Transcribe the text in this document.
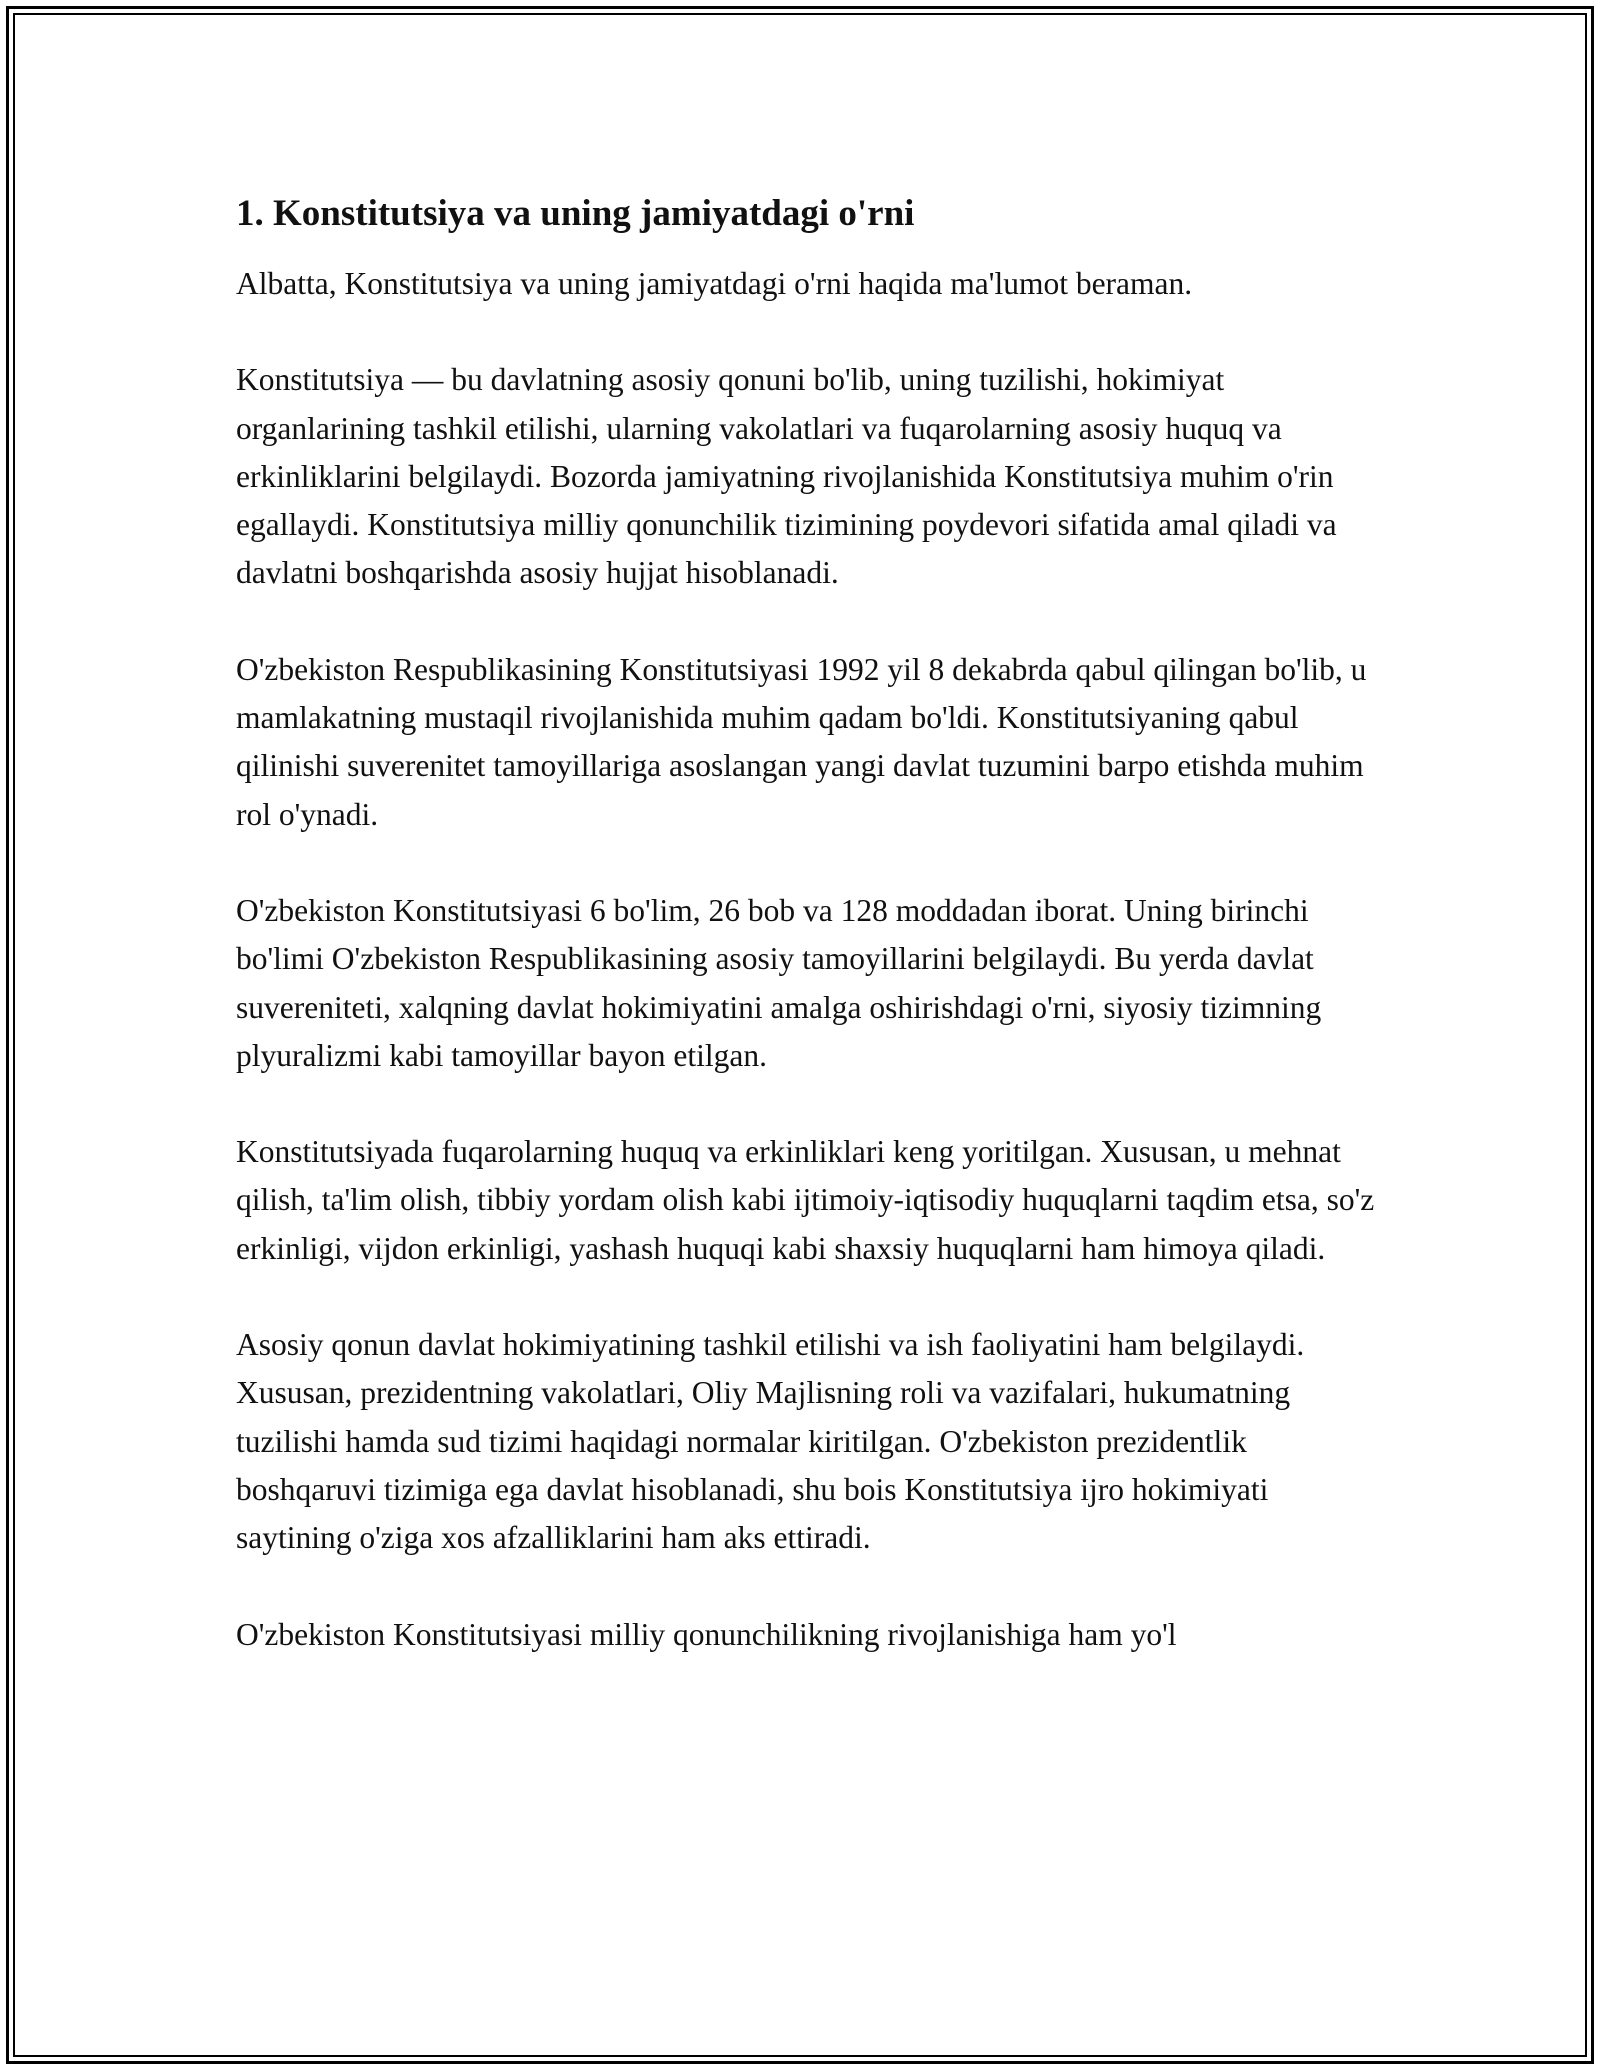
1. Konstitutsiya va uning jamiyatdagi o'rni

Albatta, Konstitutsiya va uning jamiyatdagi o'rni haqida ma'lumot beraman.

Konstitutsiya — bu davlatning asosiy qonuni bo'lib, uning tuzilishi, hokimiyat organlarining tashkil etilishi, ularning vakolatlari va fuqarolarning asosiy huquq va erkinliklarini belgilaydi. Bozorda jamiyatning rivojlanishida Konstitutsiya muhim o'rin egallaydi. Konstitutsiya milliy qonunchilik tizimining poydevori sifatida amal qiladi va davlatni boshqarishda asosiy hujjat hisoblanadi.

O'zbekiston Respublikasining Konstitutsiyasi 1992 yil 8 dekabrda qabul qilingan bo'lib, u mamlakatning mustaqil rivojlanishida muhim qadam bo'ldi. Konstitutsiyaning qabul qilinishi suverenitet tamoyillariga asoslangan yangi davlat tuzumini barpo etishda muhim rol o'ynadi.

O'zbekiston Konstitutsiyasi 6 bo'lim, 26 bob va 128 moddadan iborat. Uning birinchi bo'limi O'zbekiston Respublikasining asosiy tamoyillarini belgilaydi. Bu yerda davlat suvereniteti, xalqning davlat hokimiyatini amalga oshirishdagi o'rni, siyosiy tizimning plyuralizmi kabi tamoyillar bayon etilgan.

Konstitutsiyada fuqarolarning huquq va erkinliklari keng yoritilgan. Xususan, u mehnat qilish, ta'lim olish, tibbiy yordam olish kabi ijtimoiy-iqtisodiy huquqlarni taqdim etsa, so'z erkinligi, vijdon erkinligi, yashash huquqi kabi shaxsiy huquqlarni ham himoya qiladi.

Asosiy qonun davlat hokimiyatining tashkil etilishi va ish faoliyatini ham belgilaydi. Xususan, prezidentning vakolatlari, Oliy Majlisning roli va vazifalari, hukumatning tuzilishi hamda sud tizimi haqidagi normalar kiritilgan. O'zbekiston prezidentlik boshqaruvi tizimiga ega davlat hisoblanadi, shu bois Konstitutsiya ijro hokimiyati saytining o'ziga xos afzalliklarini ham aks ettiradi.

O'zbekiston Konstitutsiyasi milliy qonunchilikning rivojlanishiga ham yo'l
